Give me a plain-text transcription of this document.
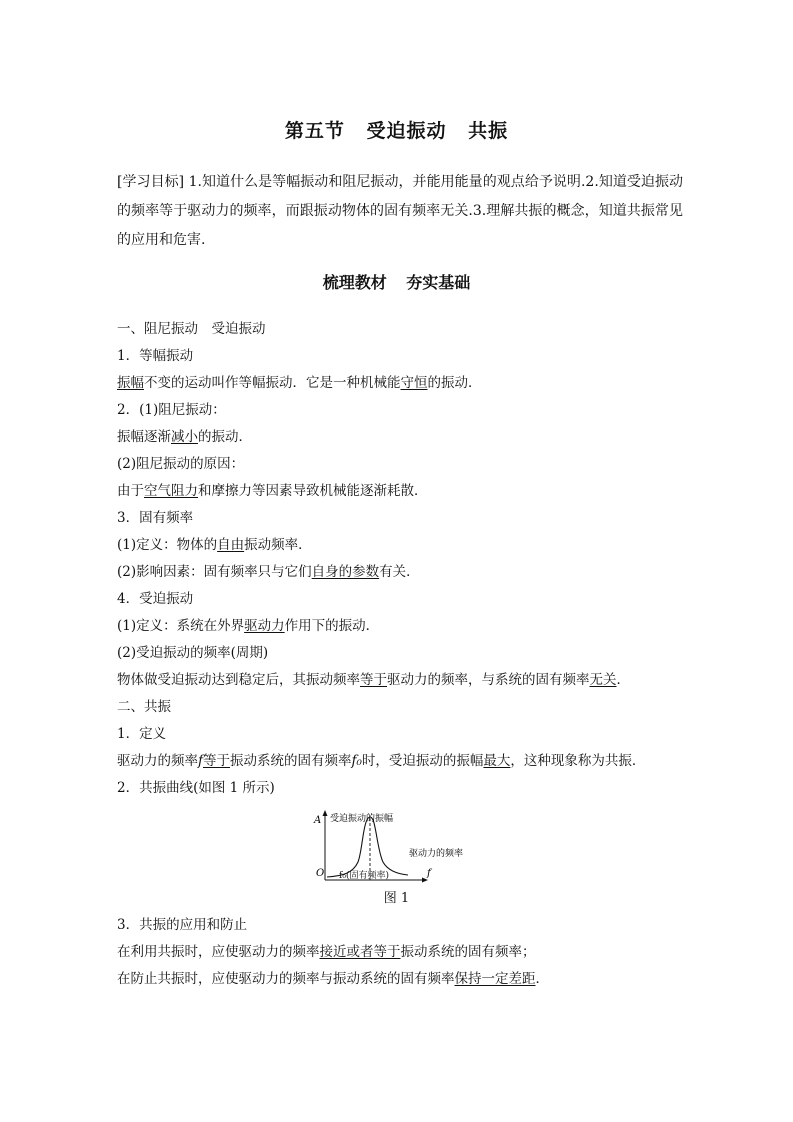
第五节 受迫振动 共振
[学习目标] 1.知道什么是等幅振动和阻尼振动，并能用能量的观点给予说明.2.知道受迫振动的频率等于驱动力的频率，而跟振动物体的固有频率无关.3.理解共振的概念，知道共振常见的应用和危害.
梳理教材 夯实基础
一、阻尼振动　受迫振动
1．等幅振动
振幅不变的运动叫作等幅振动．它是一种机械能守恒的振动．
2．(1)阻尼振动：
振幅逐渐减小的振动．
(2)阻尼振动的原因：
由于空气阻力和摩擦力等因素导致机械能逐渐耗散．
3．固有频率
(1)定义：物体的自由振动频率．
(2)影响因素：固有频率只与它们自身的参数有关．
4．受迫振动
(1)定义：系统在外界驱动力作用下的振动．
(2)受迫振动的频率(周期)
物体做受迫振动达到稳定后，其振动频率等于驱动力的频率，与系统的固有频率无关．
二、共振
1．定义
驱动力的频率f等于振动系统的固有频率f₀时，受迫振动的振幅最大，这种现象称为共振．
2．共振曲线(如图 1 所示)
A 受迫振动的振幅
驱动力的频率
O	f
f₀(固有频率)
图 1
3．共振的应用和防止
在利用共振时，应使驱动力的频率接近或者等于振动系统的固有频率；
在防止共振时，应使驱动力的频率与振动系统的固有频率保持一定差距．
